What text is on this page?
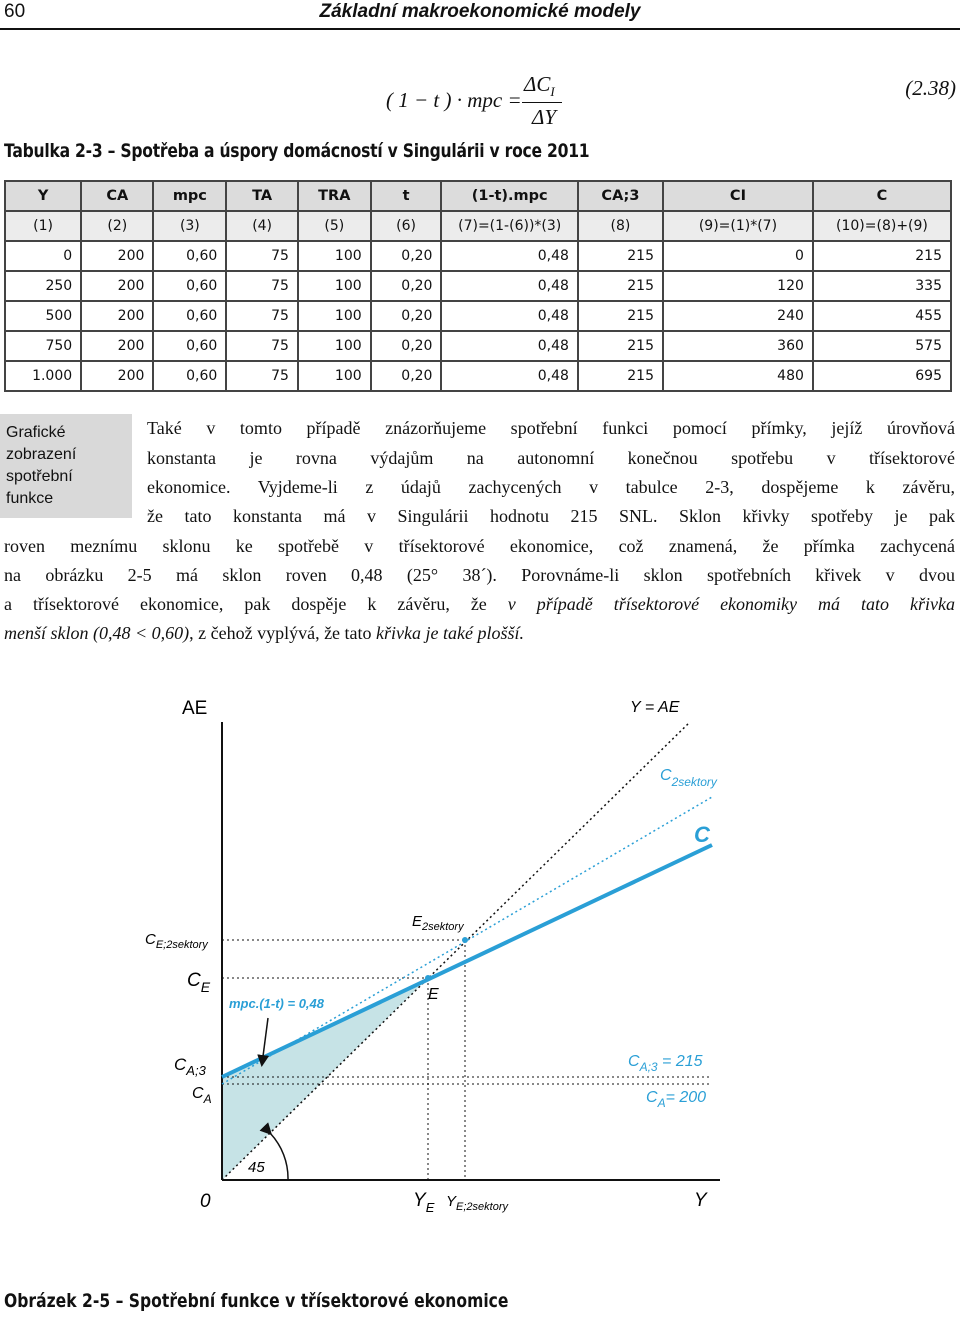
60	Základní makroekonomické modely
( 1 − t ) · mpc =
$\Delta C_I$
ΔY
(2.38)
Tabulka 2-3 – Spotřeba a úspory domácností v Singulárii v roce 2011
Y	CA	mpc	TA	TRA	t	(1-t).mpc	CA;3	CI	C
(1)	(2)	(3)	(4)	(5)	(6)	(7)=(1-(6))*(3)	(8)	(9)=(1)*(7)	(10)=(8)+(9)
0	200	0,60	75	100	0,20	0,48	215	0	215
250	200	0,60	75	100	0,20	0,48	215	120	335
500	200	0,60	75	100	0,20	0,48	215	240	455
750	200	0,60	75	100	0,20	0,48	215	360	575
1.000	200	0,60	75	100	0,20	0,48	215	480	695
Grafické
zobrazení
spotřební
funkce
Také v tomto případě znázorňujeme spotřební funkci pomocí přímky, jejíž úrovňová
konstanta je rovna výdajům na autonomní konečnou spotřebu v třísektorové
ekonomice. Vyjdeme-li z údajů zachycených v tabulce 2-3, dospějeme k závěru,
že tato konstanta má v Singulárii hodnotu 215 SNL. Sklon křivky spotřeby je pak
roven meznímu sklonu ke spotřebě v třísektorové ekonomice, což znamená, že přímka zachycená
na obrázku 2-5 má sklon roven 0,48 (25° 38´). Porovnáme-li sklon spotřebních křivek v dvou
a třísektorové ekonomice, pak dospěje k závěru, že v případě třísektorové ekonomiky má tato křivka
menší sklon (0,48 < 0,60), z čehož vyplývá, že tato křivka je také plošší.
AE
Y
0
Y = AE
$C_{2sektory}$
C
$C_{E;2sektory}$
$C_E$
$E_{2sektory}$
E
mpc.(1-t) = 0,48
$C_{A;3}$
$C_A$
$C_{A;3} = 215$
$C_A= 200$
45
$Y_E$ $Y_{E;2sektory}$
Obrázek 2-5 – Spotřební funkce v třísektorové ekonomice
